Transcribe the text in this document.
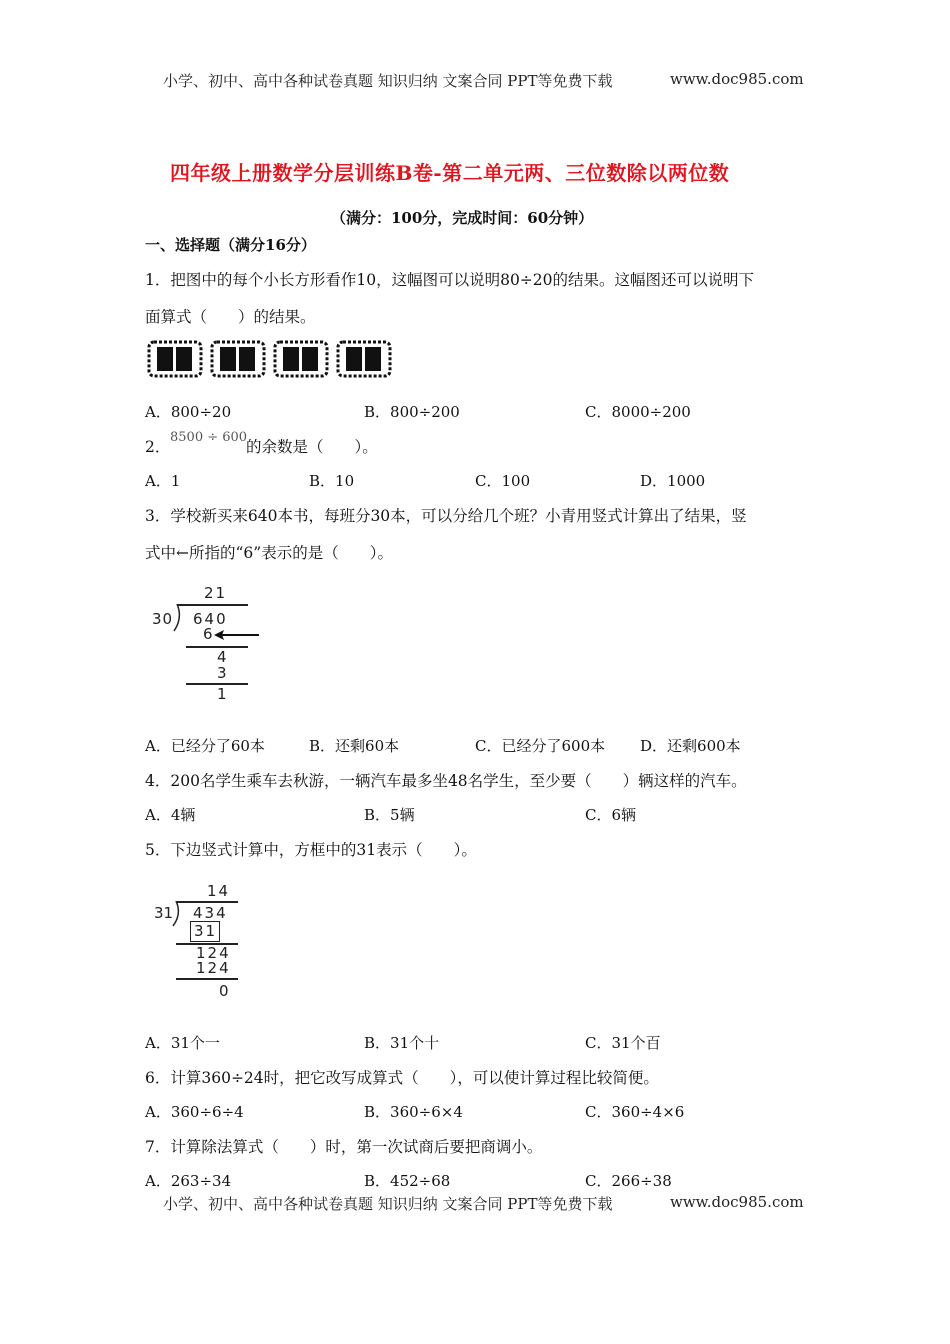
小学、初中、高中各种试卷真题 知识归纳 文案合同 PPT等免费下载	www.doc985.com
四年级上册数学分层训练B卷-第二单元两、三位数除以两位数
（满分：100分，完成时间：60分钟）
一、选择题（满分16分）
1．把图中的每个小长方形看作10，这幅图可以说明80÷20的结果。这幅图还可以说明下
面算式（　　）的结果。
A．800÷20	B．800÷200	C．8000÷200
2．
8500 ÷ 600
的余数是（　　）。
A．1	B．10	C．100	D．1000
3．学校新买来640本书，每班分30本，可以分给几个班？小青用竖式计算出了结果，竖
式中←所指的“6”表示的是（　　）。
21
30 640
6
4
3
1
A．已经分了60本	B．还剩60本	C．已经分了600本 D．还剩600本
4．200名学生乘车去秋游，一辆汽车最多坐48名学生，至少要（　　）辆这样的汽车。
A．4辆	B．5辆	C．6辆
5．下边竖式计算中，方框中的31表示（　　）。
14
31 434
31
124
124
0
A．31个一	B．31个十	C．31个百
6．计算360÷24时，把它改写成算式（　　），可以使计算过程比较简便。
A．360÷6÷4	B．360÷6×4	C．360÷4×6
7．计算除法算式（　　）时，第一次试商后要把商调小。
A．263÷34	B．452÷68	C．266÷38
小学、初中、高中各种试卷真题 知识归纳 文案合同 PPT等免费下载	www.doc985.com
